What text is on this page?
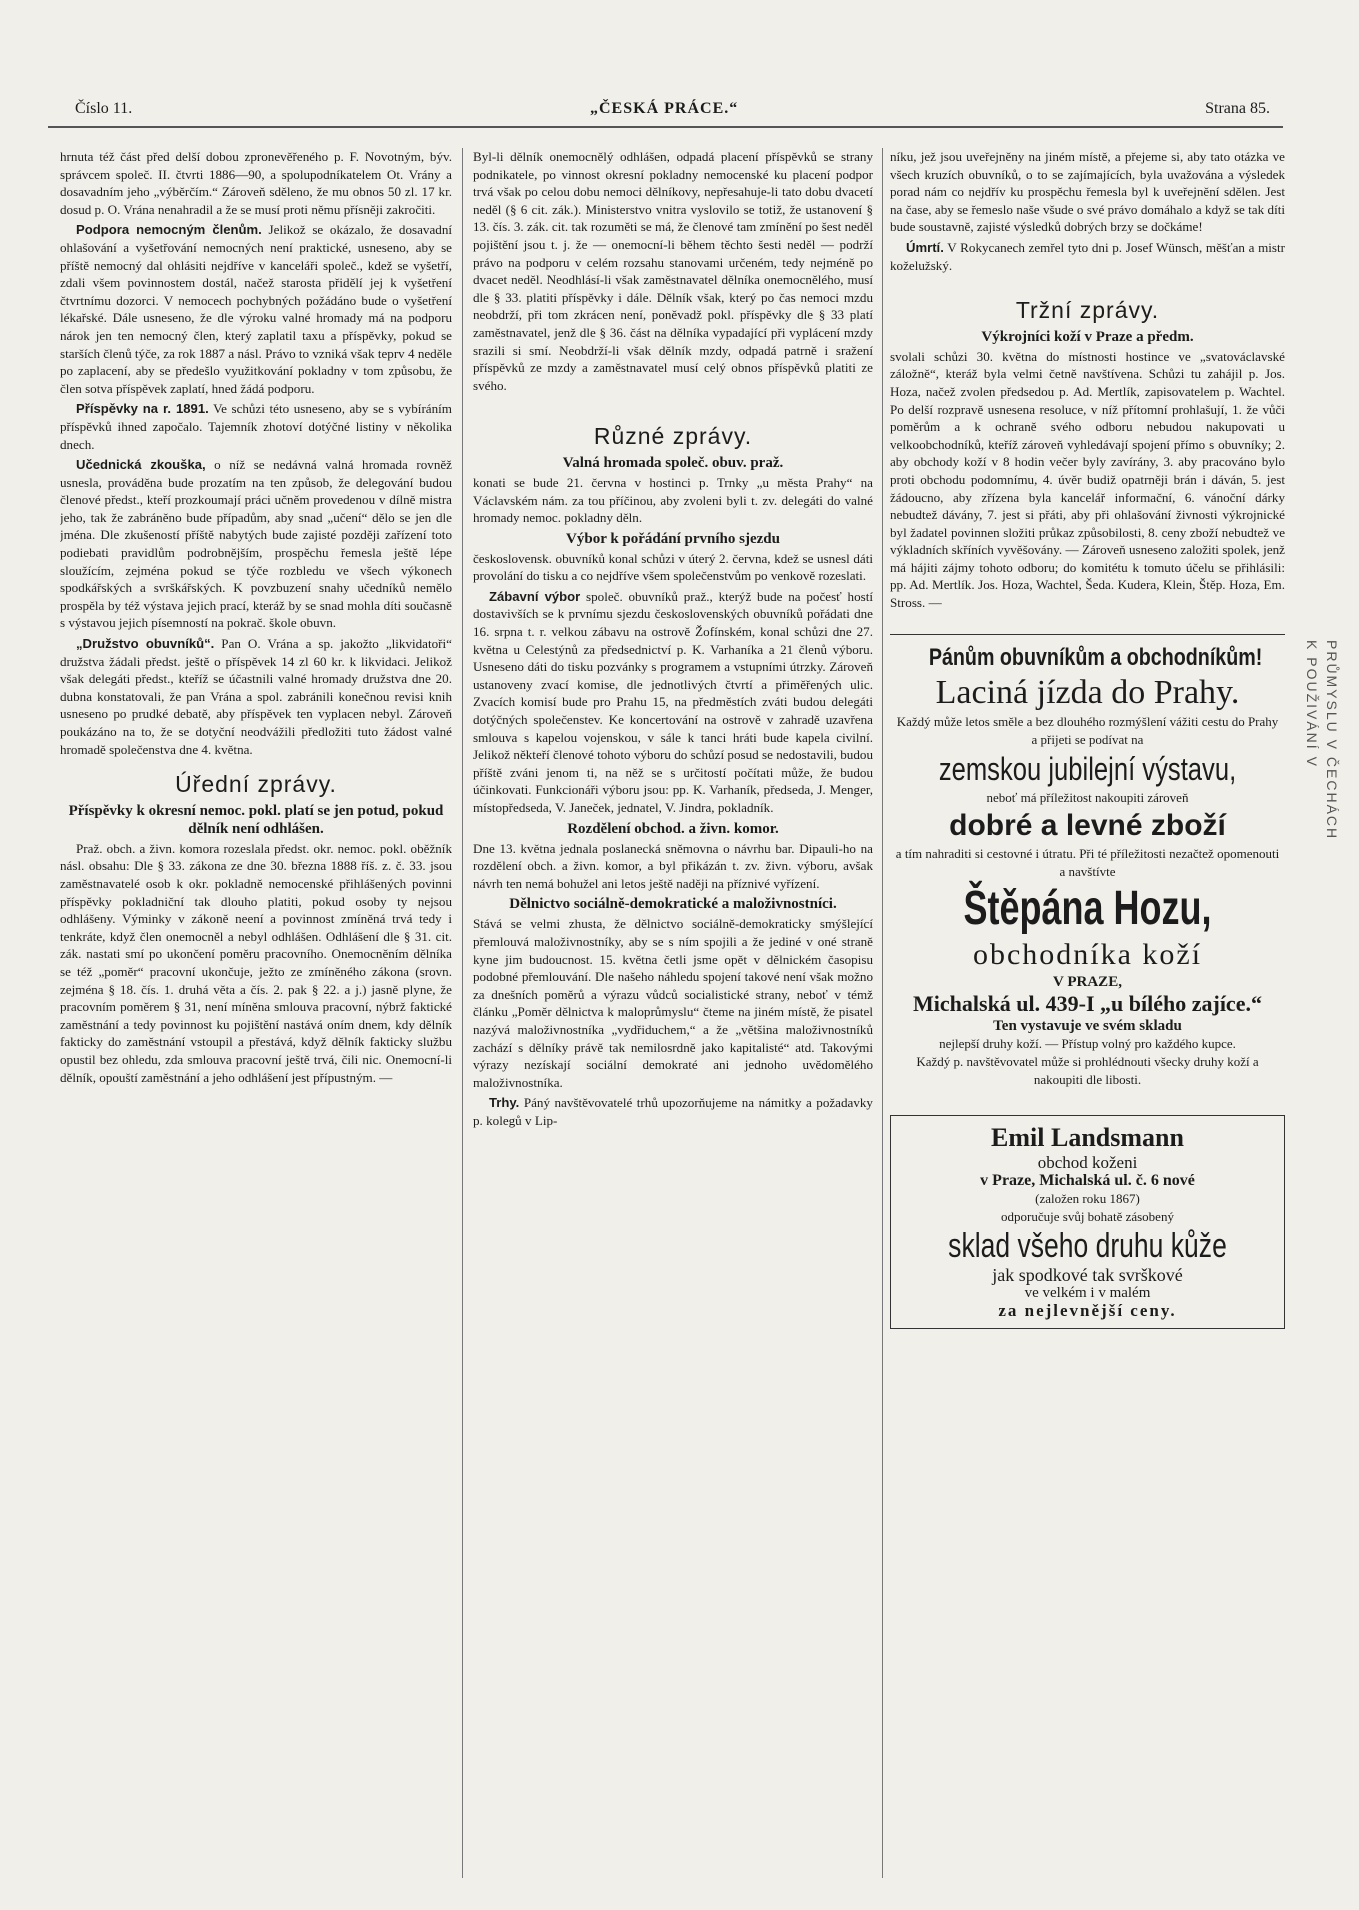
Číslo 11.	„ČESKÁ PRÁCE.“	Strana 85.

hrnuta též část před delší dobou zpronevěřeného p. F. Novotným, býv. správcem společ. II. čtvrti 1886—90, a spolupodníkatelem Ot. Vrány a dosavadním jeho „výběrčím.“ Zároveň sděleno, že mu obnos 50 zl. 17 kr. dosud p. O. Vrána nenahradil a že se musí proti němu přísněji zakročiti.

Podpora nemocným členům. Jelikož se okázalo, že dosavadní ohlašování a vyšetřování nemocných není praktické, usneseno, aby se příště nemocný dal ohlásiti nejdříve v kanceláři společ., kdež se vyšetří, zdali všem povinnostem dostál, načež starosta přidělí jej k vyšetření čtvrtnímu dozorci. V nemocech pochybných požádáno bude o vyšetření lékařské. Dále usneseno, že dle výroku valné hromady má na podporu nárok jen ten nemocný člen, který zaplatil taxu a příspěvky, pokud se starších členů týče, za rok 1887 a násl. Právo to vzniká však teprv 4 neděle po zaplacení, aby se předešlo využitkování pokladny v tom způsobu, že člen sotva příspěvek zaplatí, hned žádá podporu.

Příspěvky na r. 1891. Ve schůzi této usneseno, aby se s vybíráním příspěvků ihned započalo. Tajemník zhotoví dotýčné listiny v několika dnech.

Učednická zkouška, o níž se nedávná valná hromada rovněž usnesla, prováděna bude prozatím na ten způsob, že delegování budou členové předst., kteří prozkoumají práci učněm provedenou v dílně mistra jeho, tak že zabráněno bude případům, aby snad „učení“ dělo se jen dle jména. Dle zkušeností příště nabytých bude zajisté později zařízení toto podiebati pravidlům podrobnějším, prospěchu řemesla ještě lépe sloužícím, zejména pokud se týče rozbledu ve všech výkonech spodkářských a svrškářských. K povzbuzení snahy učedníků nemělo prospěla by též výstava jejich prací, kteráž by se snad mohla díti současně s výstavou jejich písemností na pokrač. škole obuvn.

„Družstvo obuvníků“. Pan O. Vrána a sp. jakožto „likvidatoři“ družstva žádali předst. ještě o příspěvek 14 zl 60 kr. k likvidaci. Jelikož však delegáti předst., kteříž se účastnili valné hromady družstva dne 20. dubna konstatovali, že pan Vrána a spol. zabránili konečnou revisi knih usneseno po prudké debatě, aby příspěvek ten vyplacen nebyl. Zároveň poukázáno na to, že se dotyční neodvážili předložiti tuto žádost valné hromadě společenstva dne 4. května.

Úřední zprávy.
Příspěvky k okresní nemoc. pokl. platí se jen potud, pokud dělník není odhlášen.

Praž. obch. a živn. komora rozeslala předst. okr. nemoc. pokl. oběžník násl. obsahu: Dle § 33. zákona ze dne 30. března 1888 říš. z. č. 33. jsou zaměstnavatelé osob k okr. pokladně nemocenské přihlášených povinni příspěvky pokladniční tak dlouho platiti, pokud osoby ty nejsou odhlášeny. Výminky v zákoně neení a povinnost zmíněná trvá tedy i tenkráte, když člen onemocněl a nebyl odhlášen. Odhlášení dle § 31. cit. zák. nastati smí po ukončení poměru pracovního. Onemocněním dělníka se též „poměr“ pracovní ukončuje, ježto ze zmíněného zákona (srovn. zejména § 18. čís. 1. druhá věta a čís. 2. pak § 22. a j.) jasně plyne, že pracovním poměrem § 31, není míněna smlouva pracovní, nýbrž faktické zaměstnání a tedy povinnost ku pojištění nastává oním dnem, kdy dělník fakticky do zaměstnání vstoupil a přestává, když dělník fakticky službu opustil bez ohledu, zda smlouva pracovní ještě trvá, čili nic. Onemocní-li dělník, opouští zaměstnání a jeho odhlášení jest přípustným. —

Byl-li dělník onemocnělý odhlášen, odpadá placení příspěvků se strany podnikatele, po vinnost okresní pokladny nemocenské ku placení podpor trvá však po celou dobu nemoci dělníkovy, nepřesahuje-li tato dobu dvacetí neděl (§ 6 cit. zák.). Ministerstvo vnitra vyslovilo se totiž, že ustanovení § 13. čís. 3. zák. cit. tak rozuměti se má, že členové tam zmínění po šest neděl pojištění jsou t. j. že — onemocní-li během těchto šesti neděl — podrží právo na podporu v celém rozsahu stanovami určeném, tedy nejméně po dvacet neděl. Neodhlásí-li však zaměstnavatel dělníka onemocnělého, musí dle § 33. platiti příspěvky i dále. Dělník však, který po čas nemoci mzdu neobdrží, při tom zkrácen není, poněvadž pokl. příspěvky dle § 33 platí zaměstnavatel, jenž dle § 36. část na dělníka vypadající při vyplácení mzdy srazili si smí. Neobdrží-li však dělník mzdy, odpadá patrně i sražení příspěvků ze mzdy a zaměstnavatel musí celý obnos příspěvků platiti ze svého.

Různé zprávy.
Valná hromada společ. obuv. praž.

konati se bude 21. června v hostinci p. Trnky „u města Prahy“ na Václavském nám. za tou příčinou, aby zvoleni byli t. zv. delegáti do valné hromady nemoc. pokladny děln.

Výbor k pořádání prvního sjezdu

československ. obuvníků konal schůzi v úterý 2. června, kdež se usnesl dáti provolání do tisku a co nejdříve všem společenstvům po venkově rozeslati.

Zábavní výbor společ. obuvníků praž., kterýž bude na počesť hostí dostavivších se k prvnímu sjezdu československých obuvníků pořádati dne 16. srpna t. r. velkou zábavu na ostrově Žofínském, konal schůzi dne 27. května u Celestýnů za předsednictví p. K. Varhaníka a 21 členů výboru. Usneseno dáti do tisku pozvánky s programem a vstupními útrzky. Zároveň ustanoveny zvací komise, dle jednotlivých čtvrtí a přiměřených ulic. Zvacích komisí bude pro Prahu 15, na předměstích zváti budou delegáti dotýčných společenstev. Ke koncertování na ostrově v zahradě uzavřena smlouva s kapelou vojenskou, v sále k tanci hráti bude kapela civilní. Jelikož někteří členové tohoto výboru do schůzí posud se nedostavili, budou příště zváni jenom ti, na něž se s určitostí počítati může, že budou účinkovati. Funkcionáři výboru jsou: pp. K. Varhaník, předseda, J. Menger, místopředseda, V. Janeček, jednatel, V. Jindra, pokladník.

Rozdělení obchod. a živn. komor.

Dne 13. května jednala poslanecká sněmovna o návrhu bar. Dipauli-ho na rozdělení obch. a živn. komor, a byl přikázán t. zv. živn. výboru, avšak návrh ten nemá bohužel ani letos ještě naději na příznivé vyřízení.

Dělnictvo sociálně-demokratické a maloživnostníci.

Stává se velmi zhusta, že dělnictvo sociálně-demokraticky smýšlející přemlouvá maloživnostníky, aby se s ním spojili a že jediné v oné straně kyne jim budoucnost. 15. května četli jsme opět v dělnickém časopisu podobné přemlouvání. Dle našeho náhledu spojení takové není však možno za dnešních poměrů a výrazu vůdců socialistické strany, neboť v témž článku „Poměr dělnictva k maloprůmyslu“ čteme na jiném místě, že pisatel nazývá maloživnostníka „vydřiduchem,“ a že „většina maloživnostníků zachází s dělníky právě tak nemilosrdně jako kapitalisté“ atd. Takovými výrazy nezískají sociální demokraté ani jednoho uvědomělého maloživnostníka.

Trhy. Páný navštěvovatelé trhů upozorňujeme na námitky a požadavky p. kolegů v Lip-

níku, jež jsou uveřejněny na jiném místě, a přejeme si, aby tato otázka ve všech kruzích obuvníků, o to se zajímajících, byla uvažována a výsledek porad nám co nejdřív ku prospěchu řemesla byl k uveřejnění sdělen. Jest na čase, aby se řemeslo naše všude o své právo domáhalo a když se tak díti bude soustavně, zajisté výsledků dobrých brzy se dočkáme!

Úmrtí. V Rokycanech zemřel tyto dni p. Josef Wünsch, měšťan a mistr koželužský.

Tržní zprávy.
Výkrojníci koží v Praze a předm.

svolali schůzi 30. května do místnosti hostince ve „svatováclavské záložně“, kteráž byla velmi četně navštívena. Schůzi tu zahájil p. Jos. Hoza, načež zvolen předsedou p. Ad. Mertlík, zapisovatelem p. Wachtel. Po delší rozpravě usnesena resoluce, v níž přítomní prohlašují, 1. že vůči poměrům a k ochraně svého odboru nebudou nakupovati u velkoobchodníků, kteříž zároveň vyhledávají spojení přímo s obuvníky; 2. aby obchody koží v 8 hodin večer byly zavírány, 3. aby pracováno bylo proti obchodu podomnímu, 4. úvěr budiž opatrněji brán i dáván, 5. jest žádoucno, aby zřízena byla kancelář informační, 6. vánoční dárky nebudtež dávány, 7. jest si přáti, aby při ohlašování živnosti výkrojnické byl žadatel povinnen složiti průkaz způsobilosti, 8. ceny zboží nebudtež ve výkladních skříních vyvěšovány. — Zároveň usneseno založiti spolek, jenž má hájiti zájmy tohoto odboru; do komitétu k tomuto účelu se přihlásili: pp. Ad. Mertlík. Jos. Hoza, Wachtel, Šeda. Kudera, Klein, Štěp. Hoza, Em. Stross. —

Pánům obuvníkům a obchodníkům!
Laciná jízda do Prahy.
Každý může letos směle a bez dlouhého rozmýšlení vážiti cestu do Prahy a přijeti se podívat na
zemskou jubilejní výstavu,
neboť má příležitost nakoupiti zároveň
dobré a levné zboží
a tím nahraditi si cestovné i útratu. Při té příležitosti nezačtež opomenouti a navštívte
Štěpána Hozu,
obchodníka koží
V PRAZE,
Michalská ul. 439-I „u bílého zajíce.“
Ten vystavuje ve svém skladu
nejlepší druhy koží. — Přístup volný pro každého kupce.
Každý p. navštěvovatel může si prohlédnouti všecky druhy koží a nakoupiti dle libosti.
Emil Landsmann
obchod koženi
v Praze, Michalská ul. č. 6 nové
(založen roku 1867)
odporučuje svůj bohatě zásobený
sklad všeho druhu kůže
jak spodkové tak svrškové
ve velkém i v malém
za nejlevnější ceny.
K POUŽIVÁNÍ V PRŮMYSLU V ČECHÁCH
